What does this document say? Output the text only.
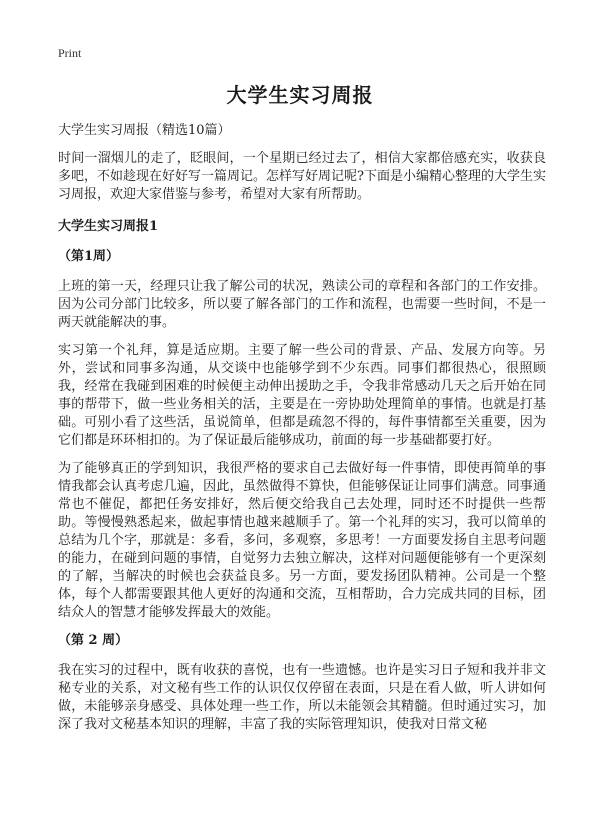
Print
大学生实习周报

大学生实习周报（精选10篇）

时间一溜烟儿的走了，眨眼间，一个星期已经过去了，相信大家都倍感充实，收获良多吧，不如趁现在好好写一篇周记。怎样写好周记呢?下面是小编精心整理的大学生实习周报，欢迎大家借鉴与参考，希望对大家有所帮助。

大学生实习周报1
（第1周）

上班的第一天，经理只让我了解公司的状况，熟读公司的章程和各部门的工作安排。因为公司分部门比较多，所以要了解各部门的工作和流程，也需要一些时间，不是一两天就能解决的事。

实习第一个礼拜，算是适应期。主要了解一些公司的背景、产品、发展方向等。另外，尝试和同事多沟通，从交谈中也能够学到不少东西。同事们都很热心，很照顾我，经常在我碰到困难的时候便主动伸出援助之手，令我非常感动几天之后开始在同事的帮带下，做一些业务相关的活，主要是在一旁协助处理简单的事情。也就是打基础。可别小看了这些活，虽说简单，但都是疏忽不得的，每件事情都至关重要，因为它们都是环环相扣的。为了保证最后能够成功，前面的每一步基础都要打好。

为了能够真正的学到知识，我很严格的要求自己去做好每一件事情，即使再简单的事情我都会认真考虑几遍，因此，虽然做得不算快，但能够保证让同事们满意。同事通常也不催促，都把任务安排好，然后便交给我自己去处理，同时还不时提供一些帮助。等慢慢熟悉起来，做起事情也越来越顺手了。第一个礼拜的实习，我可以简单的总结为几个字，那就是：多看，多问，多观察，多思考！一方面要发扬自主思考问题的能力，在碰到问题的事情，自觉努力去独立解决，这样对问题便能够有一个更深刻的了解，当解决的时候也会获益良多。另一方面，要发扬团队精神。公司是一个整体，每个人都需要跟其他人更好的沟通和交流，互相帮助，合力完成共同的目标，团结众人的智慧才能够发挥最大的效能。

（第 2 周）

我在实习的过程中，既有收获的喜悦，也有一些遗憾。也许是实习日子短和我并非文秘专业的关系，对文秘有些工作的认识仅仅停留在表面，只是在看人做，听人讲如何做，未能够亲身感受、具体处理一些工作，所以未能领会其精髓。但时通过实习，加深了我对文秘基本知识的理解，丰富了我的实际管理知识，使我对日常文秘
